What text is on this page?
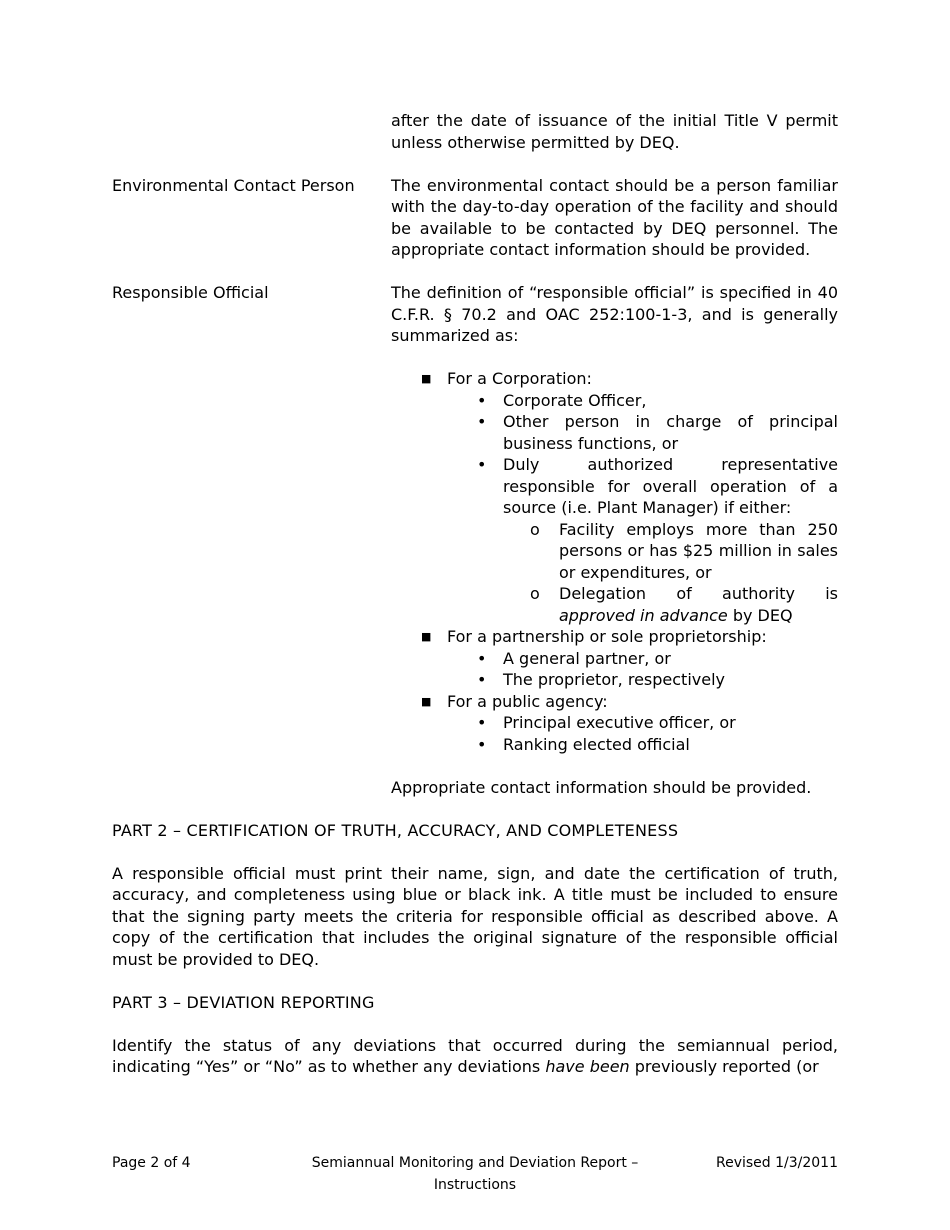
after the date of issuance of the initial Title V permit unless otherwise permitted by DEQ.
Environmental Contact Person	The environmental contact should be a person familiar with the day-to-day operation of the facility and should be available to be contacted by DEQ personnel. The appropriate contact information should be provided.
Responsible Official	The definition of “responsible official” is specified in 40 C.F.R. § 70.2 and OAC 252:100-1-3, and is generally summarized as:

■ For a Corporation:
• Corporate Officer,
• Other person in charge of principal business functions, or
• Duly authorized representative responsible for overall operation of a source (i.e. Plant Manager) if either:
o Facility employs more than 250 persons or has $25 million in sales or expenditures, or
o Delegation of authority is approved in advance by DEQ
■ For a partnership or sole proprietorship:
• A general partner, or
• The proprietor, respectively
■ For a public agency:
• Principal executive officer, or
• Ranking elected official

Appropriate contact information should be provided.

PART 2 – CERTIFICATION OF TRUTH, ACCURACY, AND COMPLETENESS

A responsible official must print their name, sign, and date the certification of truth, accuracy, and completeness using blue or black ink. A title must be included to ensure that the signing party meets the criteria for responsible official as described above. A copy of the certification that includes the original signature of the responsible official must be provided to DEQ.

PART 3 – DEVIATION REPORTING

Identify the status of any deviations that occurred during the semiannual period, indicating “Yes” or “No” as to whether any deviations have been previously reported (or

Page 2 of 4	Semiannual Monitoring and Deviation Report – Instructions
Revised 1/3/2011
